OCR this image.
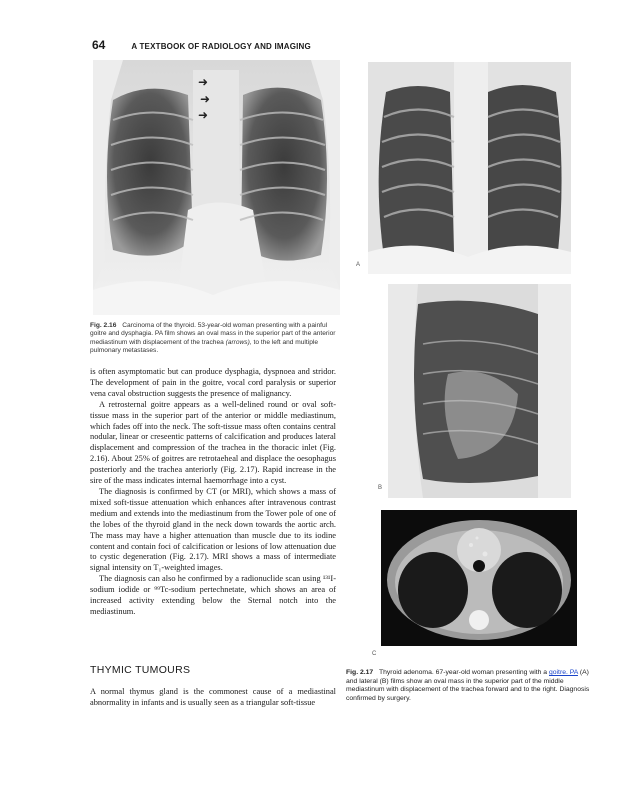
64	A TEXTBOOK OF RADIOLOGY AND IMAGING
➜
➜
➜
Fig. 2.16 Carcinoma of the thyroid. 53-year-old woman presenting with a painful goitre and dysphagia. PA film shows an oval mass in the superior part of the anterior mediastinum with displacement of the trachea (arrows), to the left and multiple pulmonary metastases.
A
B
C
Fig. 2.17 Thyroid adenoma. 67-year-old woman presenting with a goitre. PA (A) and lateral (B) films show an oval mass in the superior part of the middle mediastinum with displacement of the trachea forward and to the right. Diagnosis confirmed by surgery.

is often asymptomatic but can produce dysphagia, dyspnoea and stridor. The development of pain in the goitre, vocal cord paralysis or superior vena caval obstruction suggests the presence of malignancy.

A retrosternal goitre appears as a well-delined round or oval soft-tissue mass in the superior part of the anterior or middle mediastinum, which fades off into the neck. The soft-tissue mass often contains central nodular, linear or creseentic patterns of calcification and produces lateral displacement and compression of the trachea in the thoracic inlet (Fig. 2.16). About 25% of goitres are retrotaeheal and displace the oesophagus posteriorly and the trachea anteriorly (Fig. 2.17). Rapid increase in the sire of the mass indicates internal haemorrhage into a cyst.

The diagnosis is confirmed by CT (or MRI), which shows a mass of mixed soft-tissue attenuation which enhances after intravenous contrast medium and extends into the mediastinum from the Tower pole of one of the lobes of the thyroid gland in the neck down towards the aortic arch. The mass may have a higher attenuation than muscle due to its iodine content and contain foci of calcification or lesions of low attenuation due to cystic degeneration (Fig. 2.17). MRI shows a mass of intermediate signal intensity on T₁-weighted images.

The diagnosis can also he confirmed by a radionuclide scan using ¹³¹I-sodium iodide or ⁹⁹Tc-sodium pertechnetate, which shows an area of increased activity extending below the Sternal notch into the mediastinum.

THYMIC TUMOURS

A normal thymus gland is the commonest cause of a mediastinal abnormality in infants and is usually seen as a triangular soft-tissue
